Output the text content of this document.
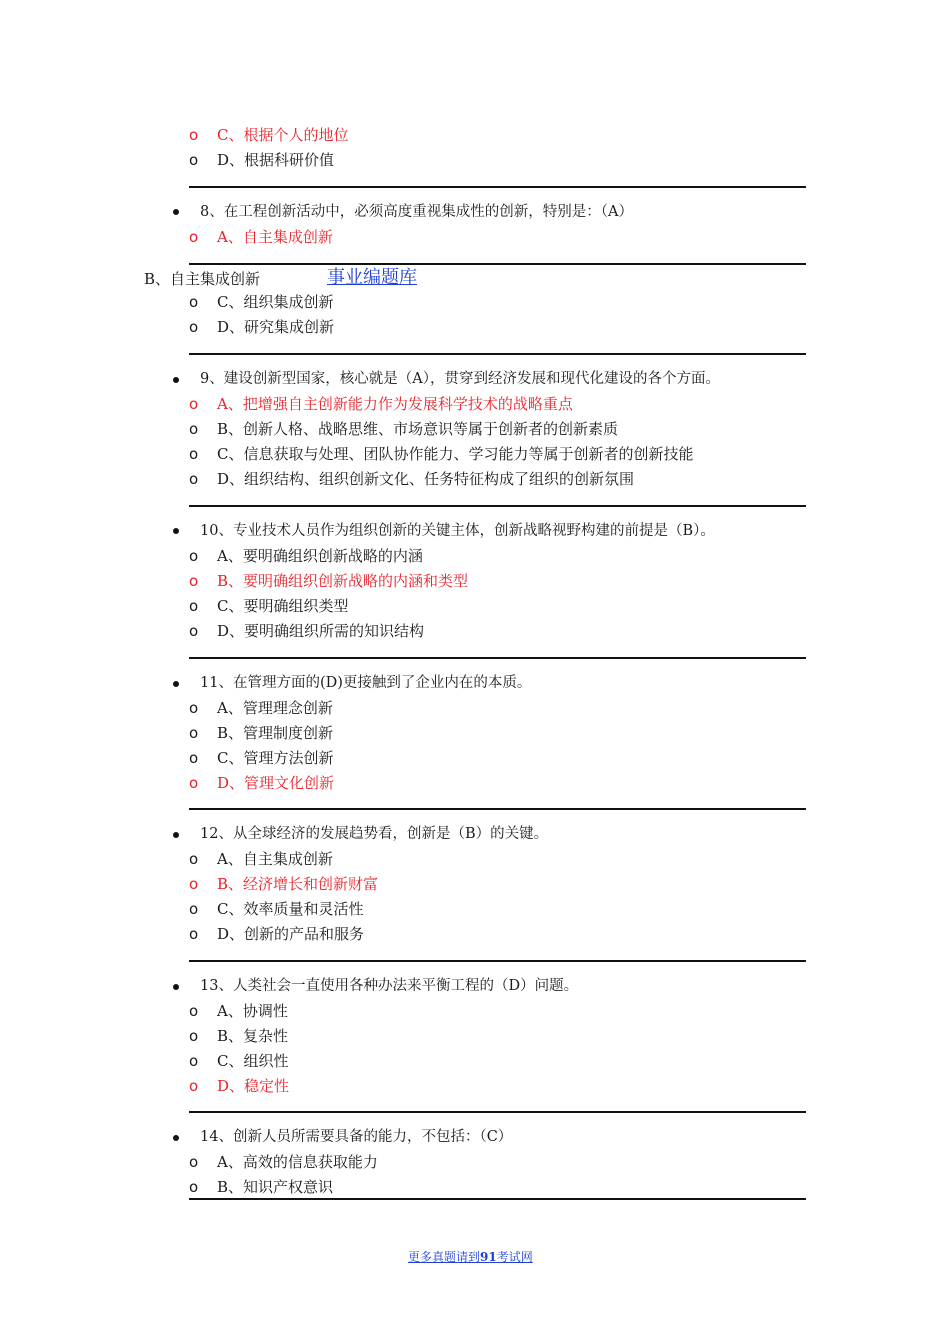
o C、根据个人的地位
o D、根据科研价值
8、在工程创新活动中，必须高度重视集成性的创新，特别是：（A）
o A、自主集成创新
B、自主集成创新	事业编题库
o C、组织集成创新
o D、研究集成创新
9、建设创新型国家，核心就是（A），贯穿到经济发展和现代化建设的各个方面。
o A、把增强自主创新能力作为发展科学技术的战略重点
o B、创新人格、战略思维、市场意识等属于创新者的创新素质
o C、信息获取与处理、团队协作能力、学习能力等属于创新者的创新技能
o D、组织结构、组织创新文化、任务特征构成了组织的创新氛围
10、专业技术人员作为组织创新的关键主体，创新战略视野构建的前提是（B）。
o A、要明确组织创新战略的内涵
o B、要明确组织创新战略的内涵和类型
o C、要明确组织类型
o D、要明确组织所需的知识结构
11、在管理方面的(D)更接触到了企业内在的本质。
o A、管理理念创新
o B、管理制度创新
o C、管理方法创新
o D、管理文化创新
12、从全球经济的发展趋势看，创新是（B）的关键。
o A、自主集成创新
o B、经济增长和创新财富
o C、效率质量和灵活性
o D、创新的产品和服务
13、人类社会一直使用各种办法来平衡工程的（D）问题。
o A、协调性
o B、复杂性
o C、组织性
o D、稳定性
14、创新人员所需要具备的能力，不包括：（C）
o A、高效的信息获取能力
o B、知识产权意识
更多真题请到91考试网
